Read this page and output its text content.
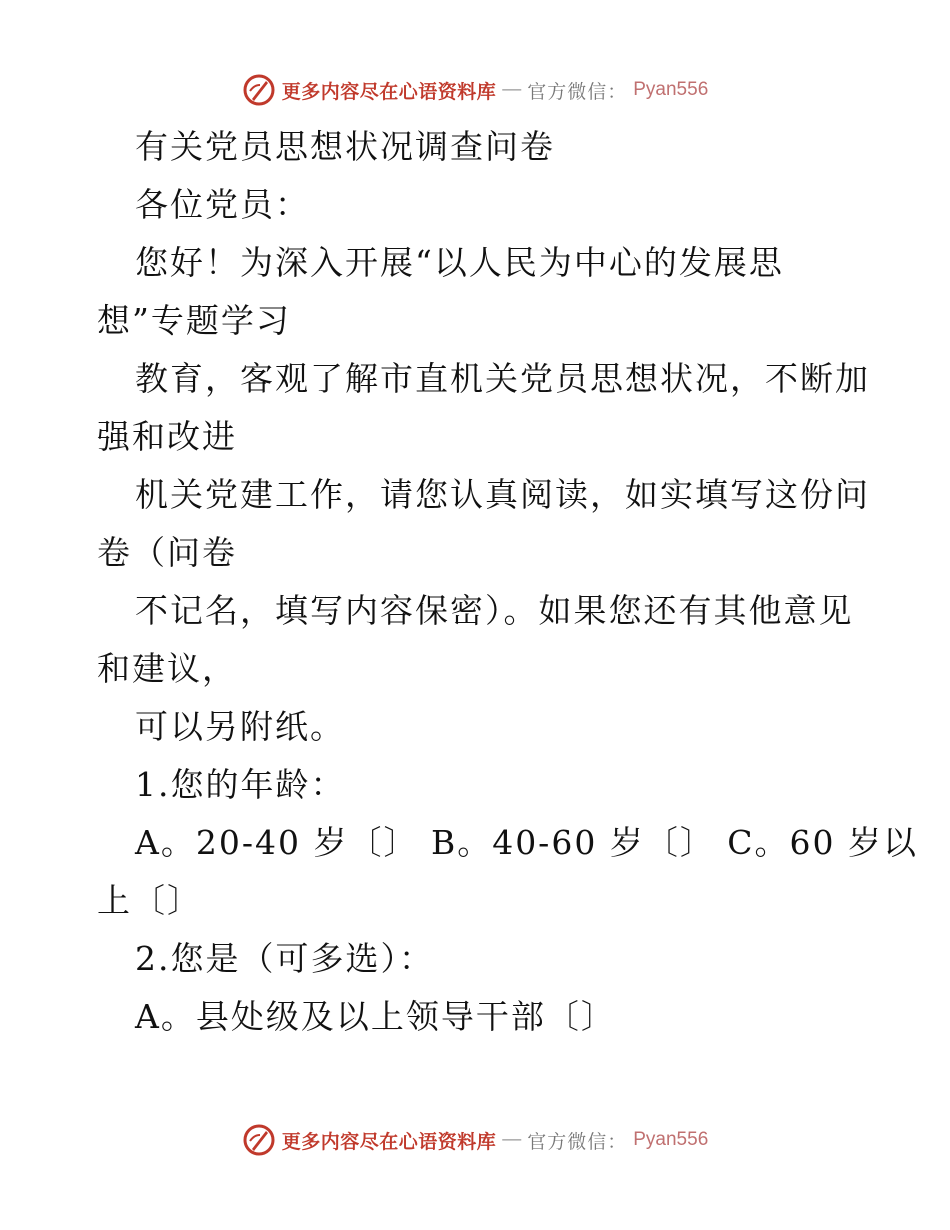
更多内容尽在心语资料库 — 官方微信： Pyan556
有关党员思想状况调查问卷
各位党员：
您好！为深入开展“以人民为中心的发展思
想”专题学习
教育，客观了解市直机关党员思想状况，不断加
强和改进
机关党建工作，请您认真阅读，如实填写这份问
卷（问卷
不记名，填写内容保密）。如果您还有其他意见
和建议，
可以另附纸。
1.您的年龄：
A。20-40 岁〔〕 B。40-60 岁〔〕 C。60 岁以
上〔〕
2.您是（可多选）：
A。县处级及以上领导干部〔〕
更多内容尽在心语资料库 — 官方微信： Pyan556
